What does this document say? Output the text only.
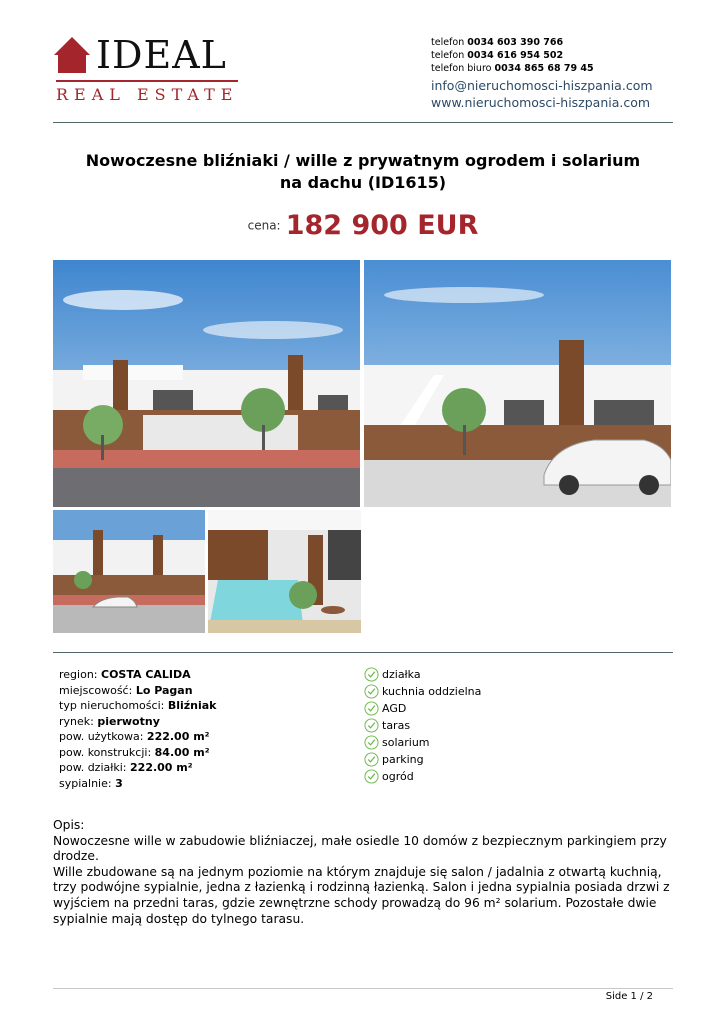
IDEAL
REAL ESTATE
telefon 0034 603 390 766
telefon 0034 616 954 502
telefon biuro 0034 865 68 79 45
info@nieruchomosci-hiszpania.com
www.nieruchomosci-hiszpania.com
Nowoczesne bliźniaki / wille z prywatnym ogrodem i solarium
na dachu (ID1615)
cena: 182 900 EUR
region: COSTA CALIDA
miejscowość: Lo Pagan
typ nieruchomości: Bliźniak
rynek: pierwotny
pow. użytkowa: 222.00 m²
pow. konstrukcji: 84.00 m²
pow. działki: 222.00 m²
sypialnie: 3
działka
kuchnia oddzielna
AGD
taras
solarium
parking
ogród
Opis:
Nowoczesne wille w zabudowie bliźniaczej, małe osiedle 10 domów z bezpiecznym parkingiem przy drodze.
Wille zbudowane są na jednym poziomie na którym znajduje się salon / jadalnia z otwartą kuchnią, trzy podwójne sypialnie, jedna z łazienką i rodzinną łazienką. Salon i jedna sypialnia posiada drzwi z wyjściem na przedni taras, gdzie zewnętrzne schody prowadzą do 96 m² solarium. Pozostałe dwie sypialnie mają dostęp do tylnego tarasu.
Side 1 / 2
